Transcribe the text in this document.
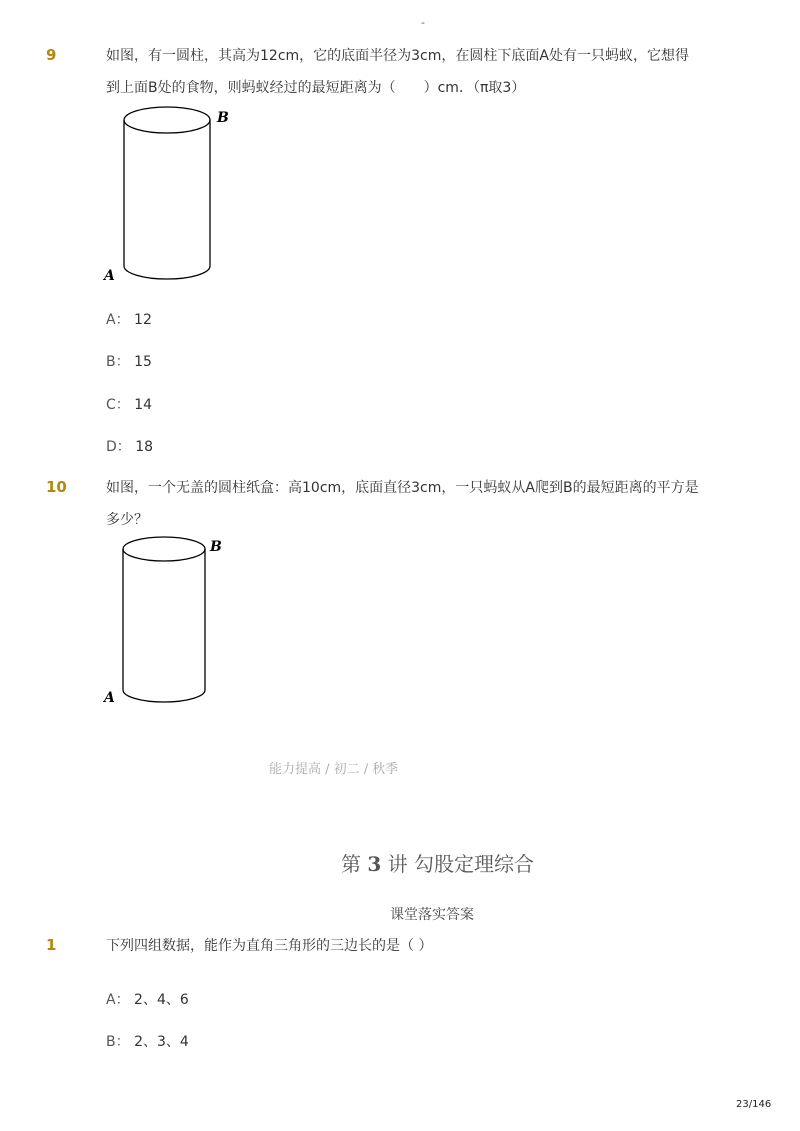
-
9	如图，有一圆柱，其高为12cm，它的底面半径为3cm，在圆柱下底面A处有一只蚂蚁，它想得
到上面B处的食物，则蚂蚁经过的最短距离为（　　）cm．（π取3）
B
A
A： 12
B： 15
C： 14
D： 18
10	如图，一个无盖的圆柱纸盒：高10cm，底面直径3cm，一只蚂蚁从A爬到B的最短距离的平方是
多少？
B
A
能力提高 / 初二 / 秋季
第 3 讲 勾股定理综合
课堂落实答案
1	下列四组数据，能作为直角三角形的三边长的是（ ）
A： 2、4、6
B： 2、3、4
23/146
